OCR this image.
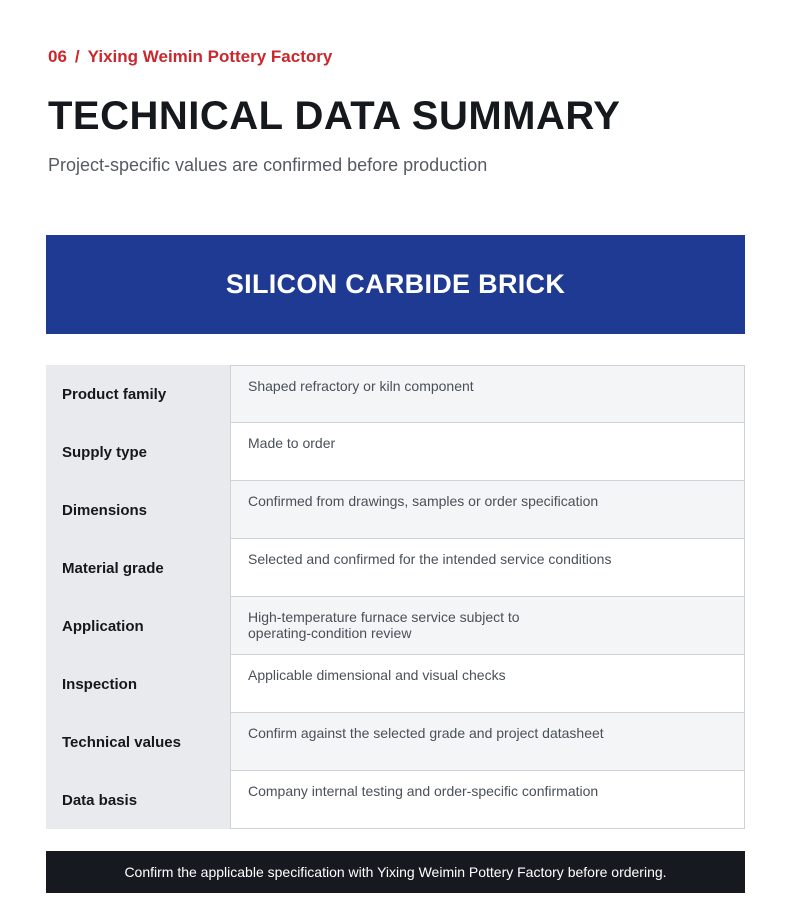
06 / Yixing Weimin Pottery Factory
TECHNICAL DATA SUMMARY

Project-specific values are confirmed before production

SILICON CARBIDE BRICK
Product family	Shaped refractory or kiln component
Supply type
Made to order
Dimensions
Confirmed from drawings, samples or order specification
Material grade
Selected and confirmed for the intended service conditions
Application
High-temperature furnace service subject to
operating-condition review
Inspection
Applicable dimensional and visual checks
Technical values
Confirm against the selected grade and project datasheet
Data basis
Company internal testing and order-specific confirmation
Confirm the applicable specification with Yixing Weimin Pottery Factory before ordering.
